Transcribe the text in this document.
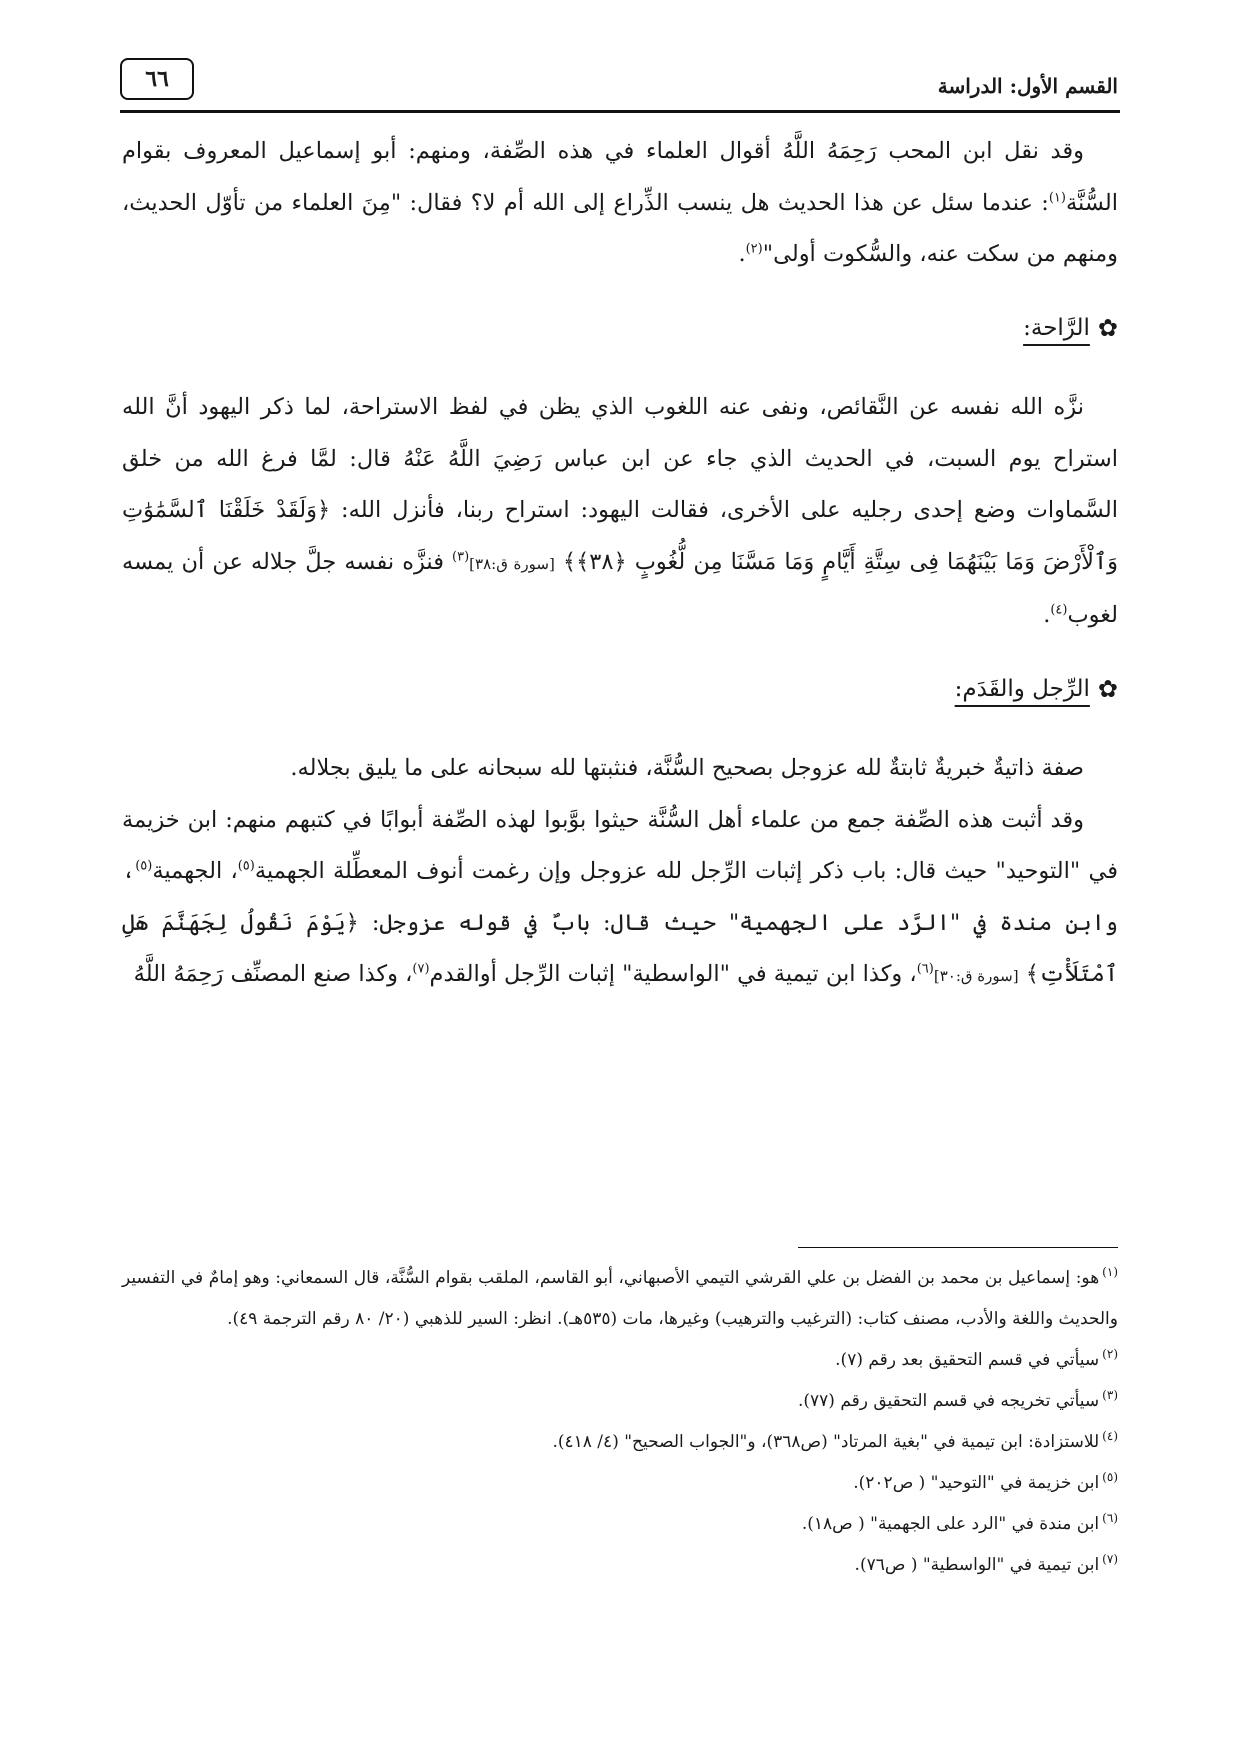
القسم الأول: الدراسة
٦٦

وقد نقل ابن المحب رَحِمَهُ اللَّهُ أقوال العلماء في هذه الصِّفة، ومنهم: أبو إسماعيل المعروف بقوام السُّنَّة$^{(١)}$: عندما سئل عن هذا الحديث هل ينسب الذِّراع إلى الله أم لا؟ فقال: "مِنَ العلماء من تأوّل الحديث، ومنهم من سكت عنه، والسُّكوت أولى"$^{(٢)}$.

✿
الرَّاحة:

نزَّه الله نفسه عن النَّقائص، ونفى عنه اللغوب الذي يظن في لفظ الاستراحة، لما ذكر اليهود أنَّ الله استراح يوم السبت، في الحديث الذي جاء عن ابن عباس رَضِيَ اللَّهُ عَنْهُ قال: لمَّا فرغ الله من خلق السَّماوات وضع إحدى رجليه على الأخرى، فقالت اليهود: استراح ربنا، فأنزل الله: ﴿وَلَقَدْ خَلَقْنَا ٱلسَّمَٰوَٰتِ وَٱلْأَرْضَ وَمَا بَيْنَهُمَا فِى سِتَّةِ أَيَّامٍ وَمَا مَسَّنَا مِن لُّغُوبٍ ﴿٣٨﴾﴾ [سورة ق:٣٨]$^{(٣)}$ فنزَّه نفسه جلَّ جلاله عن أن يمسه لغوب$^{(٤)}$.

✿
الرِّجل والقَدَم:

صفة ذاتيةٌ خبريةٌ ثابتةٌ لله عزوجل بصحيح السُّنَّة، فنثبتها لله سبحانه على ما يليق بجلاله.

وقد أثبت هذه الصِّفة جمع من علماء أهل السُّنَّة حيثوا بوَّبوا لهذه الصِّفة أبوابًا في كتبهم منهم: ابن خزيمة في "التوحيد" حيث قال: باب ذكر إثبات الرِّجل لله عزوجل وإن رغمت أنوف المعطِّلة الجهمية$^{(٥)}$، الجهمية$^{(٥)}$، وابن مندة في "الرَّد على الجهمية" حيث قال: بابٌ في قوله عزوجل: ﴿يَوْمَ نَقُولُ لِجَهَنَّمَ هَلِ ٱمْتَلَأْتِ﴾ [سورة ق:٣٠]$^{(٦)}$، وكذا ابن تيمية في "الواسطية" إثبات الرِّجل أوالقدم$^{(٧)}$، وكذا صنع المصنِّف رَحِمَهُ اللَّهُ

$^{(١)}$هو: إسماعيل بن محمد بن الفضل بن علي القرشي التيمي الأصبهاني، أبو القاسم، الملقب بقوام السُّنَّة، قال السمعاني: وهو إمامٌ في التفسير والحديث واللغة والأدب، مصنف كتاب: (الترغيب والترهيب) وغيرها، مات (٥٣٥هـ). انظر: السير للذهبي (٢٠/ ٨٠ رقم الترجمة ٤٩).

$^{(٢)}$سيأتي في قسم التحقيق بعد رقم (٧).

$^{(٣)}$سيأتي تخريجه في قسم التحقيق رقم (٧٧).

$^{(٤)}$للاستزادة: ابن تيمية في "بغية المرتاد" (ص٣٦٨)، و"الجواب الصحيح" (٤/ ٤١٨).

$^{(٥)}$ابن خزيمة في "التوحيد" ( ص٢٠٢).

$^{(٦)}$ابن مندة في "الرد على الجهمية" ( ص١٨).

$^{(٧)}$ابن تيمية في "الواسطية" ( ص٧٦).
